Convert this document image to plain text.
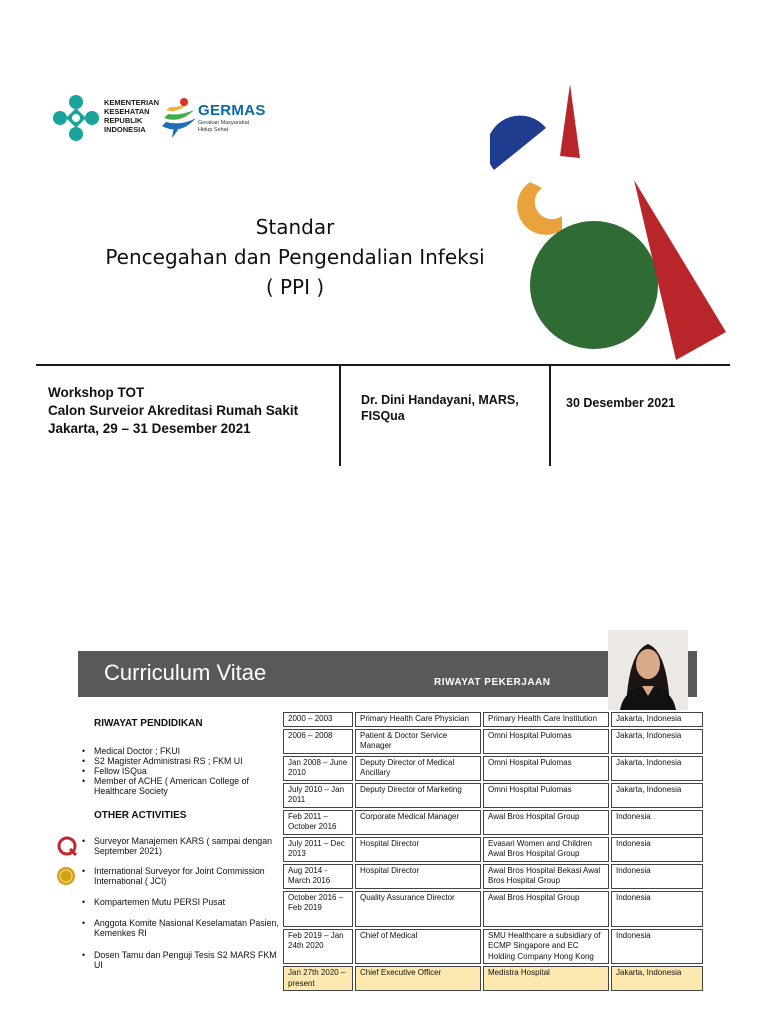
KEMENTERIAN
KESEHATAN
REPUBLIK
INDONESIA
GERMAS
Gerakan Masyarakat Hidup Sehat
Standar
Pencegahan dan Pengendalian Infeksi
( PPI )
Workshop TOT
Calon Surveior Akreditasi Rumah Sakit
Jakarta, 29 – 31 Desember 2021
Dr. Dini Handayani, MARS,
FISQua
30 Desember 2021
Curriculum Vitae	RIWAYAT PEKERJAAN
RIWAYAT PENDIDIKAN
• Medical Doctor ; FKUI
• S2 Magister Administrasi RS ; FKM UI
• Fellow ISQua
• Member of ACHE ( American College of Healthcare Society
OTHER ACTIVITIES
• Surveyor Manajemen KARS ( sampai dengan September 2021)
• International Surveyor for Joint Commission International ( JCI)
• Kompartemen Mutu PERSI Pusat
• Anggota Komite Nasional Keselamatan Pasien, Kemenkes RI
• Dosen Tamu dan Penguji Tesis S2 MARS FKM UI
2000 – 2003	Primary Health Care Physician	Primary Health Care Institution	Jakarta, Indonesia
2006 – 2008	Patient & Doctor Service Manager	Omni Hospital Pulomas	Jakarta, Indonesia
Jan 2008 – June 2010	Deputy Director of Medical Ancillary	Omni Hospital Pulomas	Jakarta, Indonesia
July 2010 – Jan 2011	Deputy Director of Marketing	Omni Hospital Pulomas	Jakarta, Indonesia
Feb 2011 – October 2016	Corporate Medical Manager	Awal Bros Hospital Group	Indonesia
July 2011 – Dec 2013	Hospital Director	Evasari Women and Children Awal Bros Hospital Group	Indonesia
Aug 2014 - March 2016	Hospital Director	Awal Bros Hospital Bekasi Awal Bros Hospital Group	Indonesia
October 2016 – Feb 2019	Quality Assurance Director	Awal Bros Hospital Group	Indonesia
Feb 2019 – Jan 24th 2020	Chief of Medical	SMU Healthcare a subsidiary of ECMP Singapore and EC Holding Company Hong Kong	Indonesia
Jan 27th 2020 – present	Chief Executive Officer	Medistra Hospital	Jakarta, Indonesia
